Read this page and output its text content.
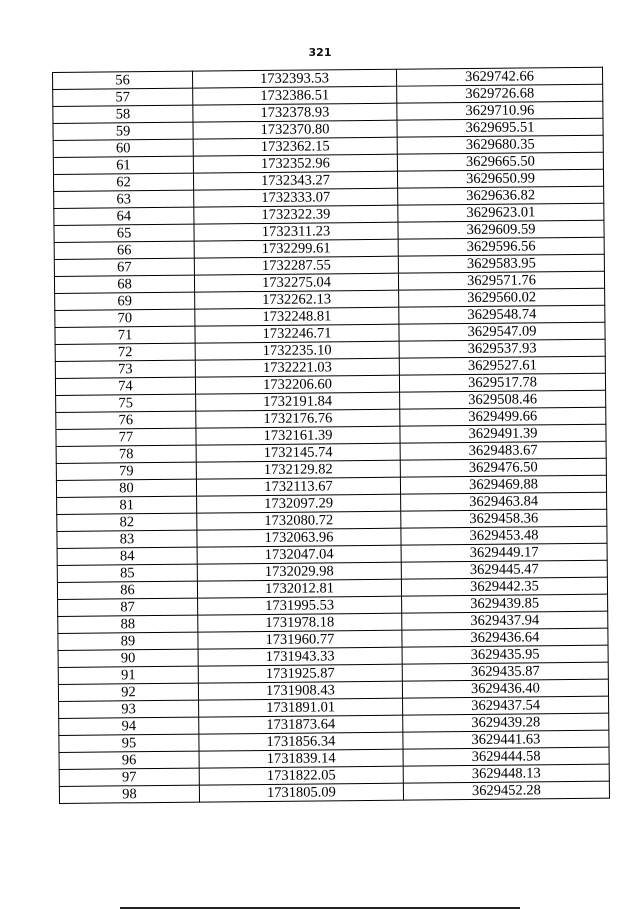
321
56	1732393.53	3629742.66
57	1732386.51	3629726.68
58	1732378.93	3629710.96
59	1732370.80	3629695.51
60	1732362.15	3629680.35
61	1732352.96	3629665.50
62	1732343.27	3629650.99
63	1732333.07	3629636.82
64	1732322.39	3629623.01
65	1732311.23	3629609.59
66	1732299.61	3629596.56
67	1732287.55	3629583.95
68	1732275.04	3629571.76
69	1732262.13	3629560.02
70	1732248.81	3629548.74
71	1732246.71	3629547.09
72	1732235.10	3629537.93
73	1732221.03	3629527.61
74	1732206.60	3629517.78
75	1732191.84	3629508.46
76	1732176.76	3629499.66
77	1732161.39	3629491.39
78	1732145.74	3629483.67
79	1732129.82	3629476.50
80	1732113.67	3629469.88
81	1732097.29	3629463.84
82	1732080.72	3629458.36
83	1732063.96	3629453.48
84	1732047.04	3629449.17
85	1732029.98	3629445.47
86	1732012.81	3629442.35
87	1731995.53	3629439.85
88	1731978.18	3629437.94
89	1731960.77	3629436.64
90	1731943.33	3629435.95
91	1731925.87	3629435.87
92	1731908.43	3629436.40
93	1731891.01	3629437.54
94	1731873.64	3629439.28
95	1731856.34	3629441.63
96	1731839.14	3629444.58
97	1731822.05	3629448.13
98	1731805.09	3629452.28
